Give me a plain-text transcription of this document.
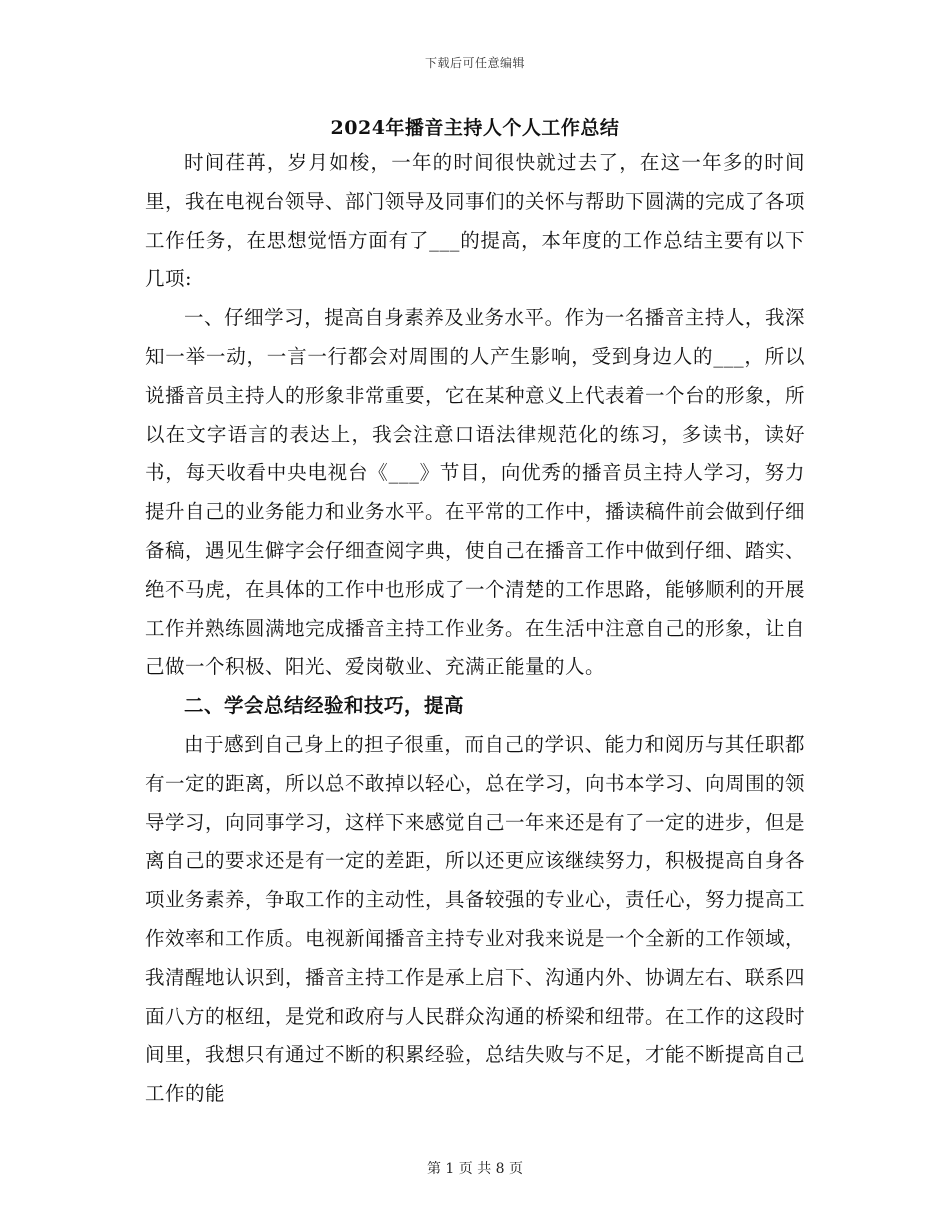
下载后可任意编辑
2024年播音主持人个人工作总结

时间荏苒，岁月如梭，一年的时间很快就过去了，在这一年多的时间里，我在电视台领导、部门领导及同事们的关怀与帮助下圆满的完成了各项工作任务，在思想觉悟方面有了___的提高，本年度的工作总结主要有以下几项:

一、仔细学习，提高自身素养及业务水平。作为一名播音主持人，我深知一举一动，一言一行都会对周围的人产生影响，受到身边人的___，所以说播音员主持人的形象非常重要，它在某种意义上代表着一个台的形象，所以在文字语言的表达上，我会注意口语法律规范化的练习，多读书，读好书，每天收看中央电视台《___》节目，向优秀的播音员主持人学习，努力提升自己的业务能力和业务水平。在平常的工作中，播读稿件前会做到仔细备稿，遇见生僻字会仔细查阅字典，使自己在播音工作中做到仔细、踏实、绝不马虎，在具体的工作中也形成了一个清楚的工作思路，能够顺利的开展工作并熟练圆满地完成播音主持工作业务。在生活中注意自己的形象，让自己做一个积极、阳光、爱岗敬业、充满正能量的人。

二、学会总结经验和技巧，提高

由于感到自己身上的担子很重，而自己的学识、能力和阅历与其任职都有一定的距离，所以总不敢掉以轻心，总在学习，向书本学习、向周围的领导学习，向同事学习，这样下来感觉自己一年来还是有了一定的进步，但是离自己的要求还是有一定的差距，所以还更应该继续努力，积极提高自身各项业务素养，争取工作的主动性，具备较强的专业心，责任心，努力提高工作效率和工作质。电视新闻播音主持专业对我来说是一个全新的工作领域，我清醒地认识到，播音主持工作是承上启下、沟通内外、协调左右、联系四面八方的枢纽，是党和政府与人民群众沟通的桥梁和纽带。在工作的这段时间里，我想只有通过不断的积累经验，总结失败与不足，才能不断提高自己工作的能

第 1 页 共 8 页
